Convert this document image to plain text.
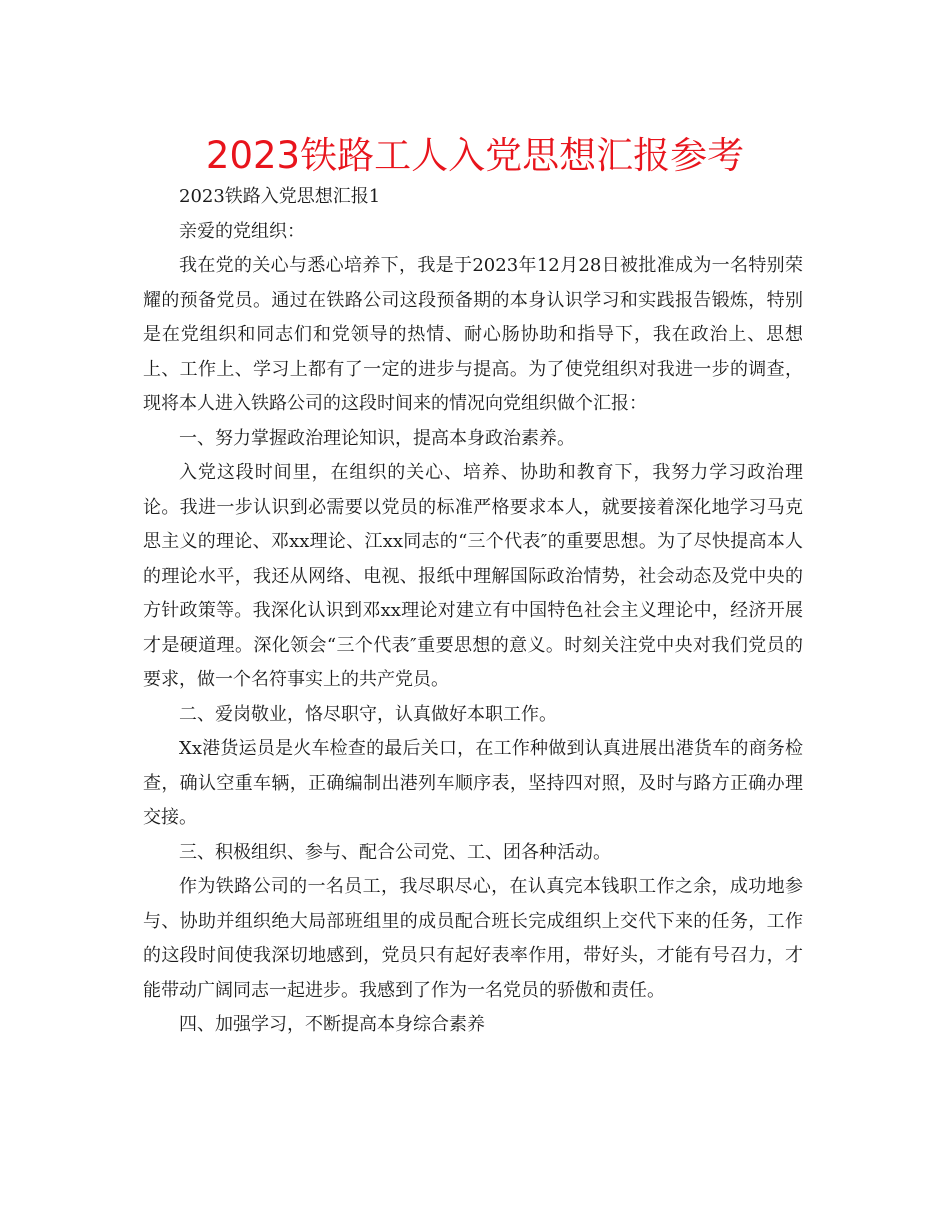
2023铁路工人入党思想汇报参考

2023铁路入党思想汇报1

亲爱的党组织：

我在党的关心与悉心培养下，我是于2023年12月28日被批准成为一名特别荣耀的预备党员。通过在铁路公司这段预备期的本身认识学习和实践报告锻炼，特别是在党组织和同志们和党领导的热情、耐心肠协助和指导下，我在政治上、思想上、工作上、学习上都有了一定的进步与提高。为了使党组织对我进一步的调查，现将本人进入铁路公司的这段时间来的情况向党组织做个汇报：

一、努力掌握政治理论知识，提高本身政治素养。

入党这段时间里，在组织的关心、培养、协助和教育下，我努力学习政治理论。我进一步认识到必需要以党员的标准严格要求本人，就要接着深化地学习马克思主义的理论、邓xx理论、江xx同志的“三个代表″的重要思想。为了尽快提高本人的理论水平，我还从网络、电视、报纸中理解国际政治情势，社会动态及党中央的方针政策等。我深化认识到邓xx理论对建立有中国特色社会主义理论中，经济开展才是硬道理。深化领会“三个代表″重要思想的意义。时刻关注党中央对我们党员的要求，做一个名符事实上的共产党员。

二、爱岗敬业，恪尽职守，认真做好本职工作。

Xx港货运员是火车检查的最后关口，在工作种做到认真进展出港货车的商务检查，确认空重车辆，正确编制出港列车顺序表，坚持四对照，及时与路方正确办理交接。

三、积极组织、参与、配合公司党、工、团各种活动。

作为铁路公司的一名员工，我尽职尽心，在认真完本钱职工作之余，成功地参与、协助并组织绝大局部班组里的成员配合班长完成组织上交代下来的任务，工作的这段时间使我深切地感到，党员只有起好表率作用，带好头，才能有号召力，才能带动广阔同志一起进步。我感到了作为一名党员的骄傲和责任。

四、加强学习，不断提高本身综合素养
